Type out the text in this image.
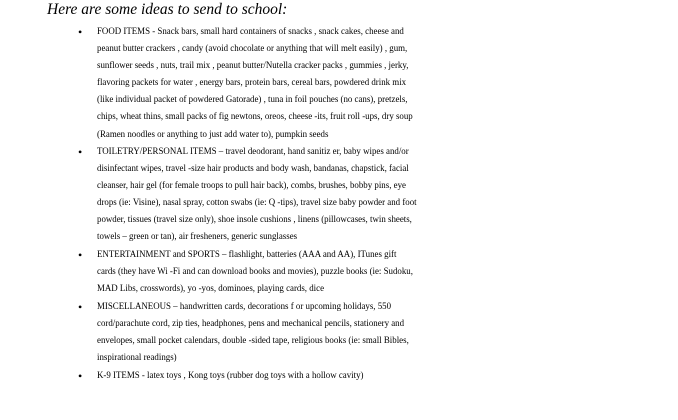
Here are some ideas to send to school:
• FOOD ITEMS - Snack bars, small hard containers of snacks , snack cakes, cheese and
peanut butter crackers , candy (avoid chocolate or anything that will melt easily) , gum,
sunflower seeds , nuts, trail mix , peanut butter/Nutella cracker packs , gummies , jerky,
flavoring packets for water , energy bars, protein bars, cereal bars, powdered drink mix
(like individual packet of powdered Gatorade) , tuna in foil pouches (no cans), pretzels,
chips, wheat thins, small packs of fig newtons, oreos, cheese -its, fruit roll -ups, dry soup
(Ramen noodles or anything to just add water to), pumpkin seeds
• TOILETRY/PERSONAL ITEMS – travel deodorant, hand sanitiz er, baby wipes and/or
disinfectant wipes, travel -size hair products and body wash, bandanas, chapstick, facial
cleanser, hair gel (for female troops to pull hair back), combs, brushes, bobby pins, eye
drops (ie: Visine), nasal spray, cotton swabs (ie: Q -tips), travel size baby powder and foot
powder, tissues (travel size only), shoe insole cushions , linens (pillowcases, twin sheets,
towels – green or tan), air fresheners, generic sunglasses
• ENTERTAINMENT and SPORTS – flashlight, batteries (AAA and AA), ITunes gift
cards (they have Wi -Fi and can download books and movies), puzzle books (ie: Sudoku,
MAD Libs, crosswords), yo -yos, dominoes, playing cards, dice
• MISCELLANEOUS – handwritten cards, decorations f or upcoming holidays, 550
cord/parachute cord, zip ties, headphones, pens and mechanical pencils, stationery and
envelopes, small pocket calendars, double -sided tape, religious books (ie: small Bibles,
inspirational readings)
• K-9 ITEMS - latex toys , Kong toys (rubber dog toys with a hollow cavity)
